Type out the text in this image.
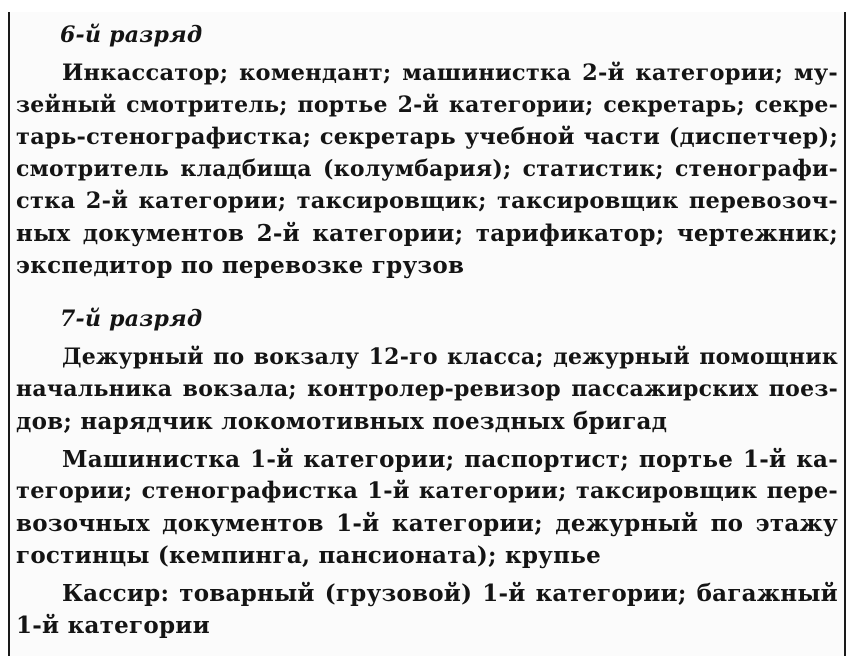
6-й разряд
Инкассатор; комендант; машинистка 2-й категории; му-
зейный смотритель; портье 2-й категории; секретарь; секре-
тарь-стенографистка; секретарь учебной части (диспетчер);
смотритель кладбища (колумбария); статистик; стенографи-
стка 2-й категории; таксировщик; таксировщик перевозоч-
ных документов 2-й категории; тарификатор; чертежник;
экспедитор по перевозке грузов
7-й разряд
Дежурный по вокзалу 12-го класса; дежурный помощник
начальника вокзала; контролер-ревизор пассажирских поез-
дов; нарядчик локомотивных поездных бригад
Машинистка 1-й категории; паспортист; портье 1-й ка-
тегории; стенографистка 1-й категории; таксировщик пере-
возочных документов 1-й категории; дежурный по этажу
гостинцы (кемпинга, пансионата); крупье
Кассир: товарный (грузовой) 1-й категории; багажный
1-й категории
